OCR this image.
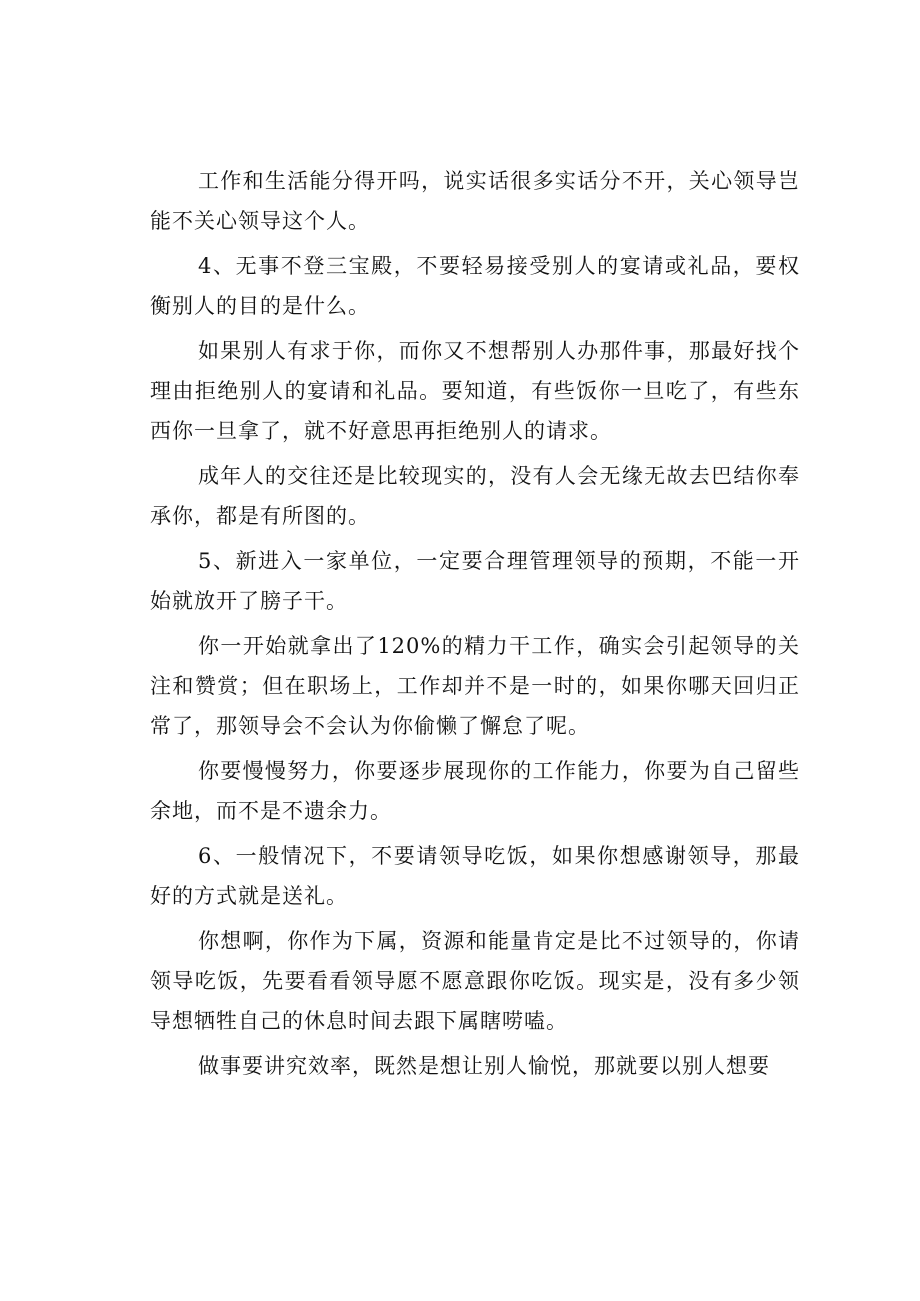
工作和生活能分得开吗，说实话很多实话分不开，关心领导岂能不关心领导这个人。

4、无事不登三宝殿，不要轻易接受别人的宴请或礼品，要权衡别人的目的是什么。

如果别人有求于你，而你又不想帮别人办那件事，那最好找个理由拒绝别人的宴请和礼品。要知道，有些饭你一旦吃了，有些东西你一旦拿了，就不好意思再拒绝别人的请求。

成年人的交往还是比较现实的，没有人会无缘无故去巴结你奉承你，都是有所图的。

5、新进入一家单位，一定要合理管理领导的预期，不能一开始就放开了膀子干。

你一开始就拿出了120%的精力干工作，确实会引起领导的关注和赞赏；但在职场上，工作却并不是一时的，如果你哪天回归正常了，那领导会不会认为你偷懒了懈怠了呢。

你要慢慢努力，你要逐步展现你的工作能力，你要为自己留些余地，而不是不遗余力。

6、一般情况下，不要请领导吃饭，如果你想感谢领导，那最好的方式就是送礼。

你想啊，你作为下属，资源和能量肯定是比不过领导的，你请领导吃饭，先要看看领导愿不愿意跟你吃饭。现实是，没有多少领导想牺牲自己的休息时间去跟下属瞎唠嗑。

做事要讲究效率，既然是想让别人愉悦，那就要以别人想要
